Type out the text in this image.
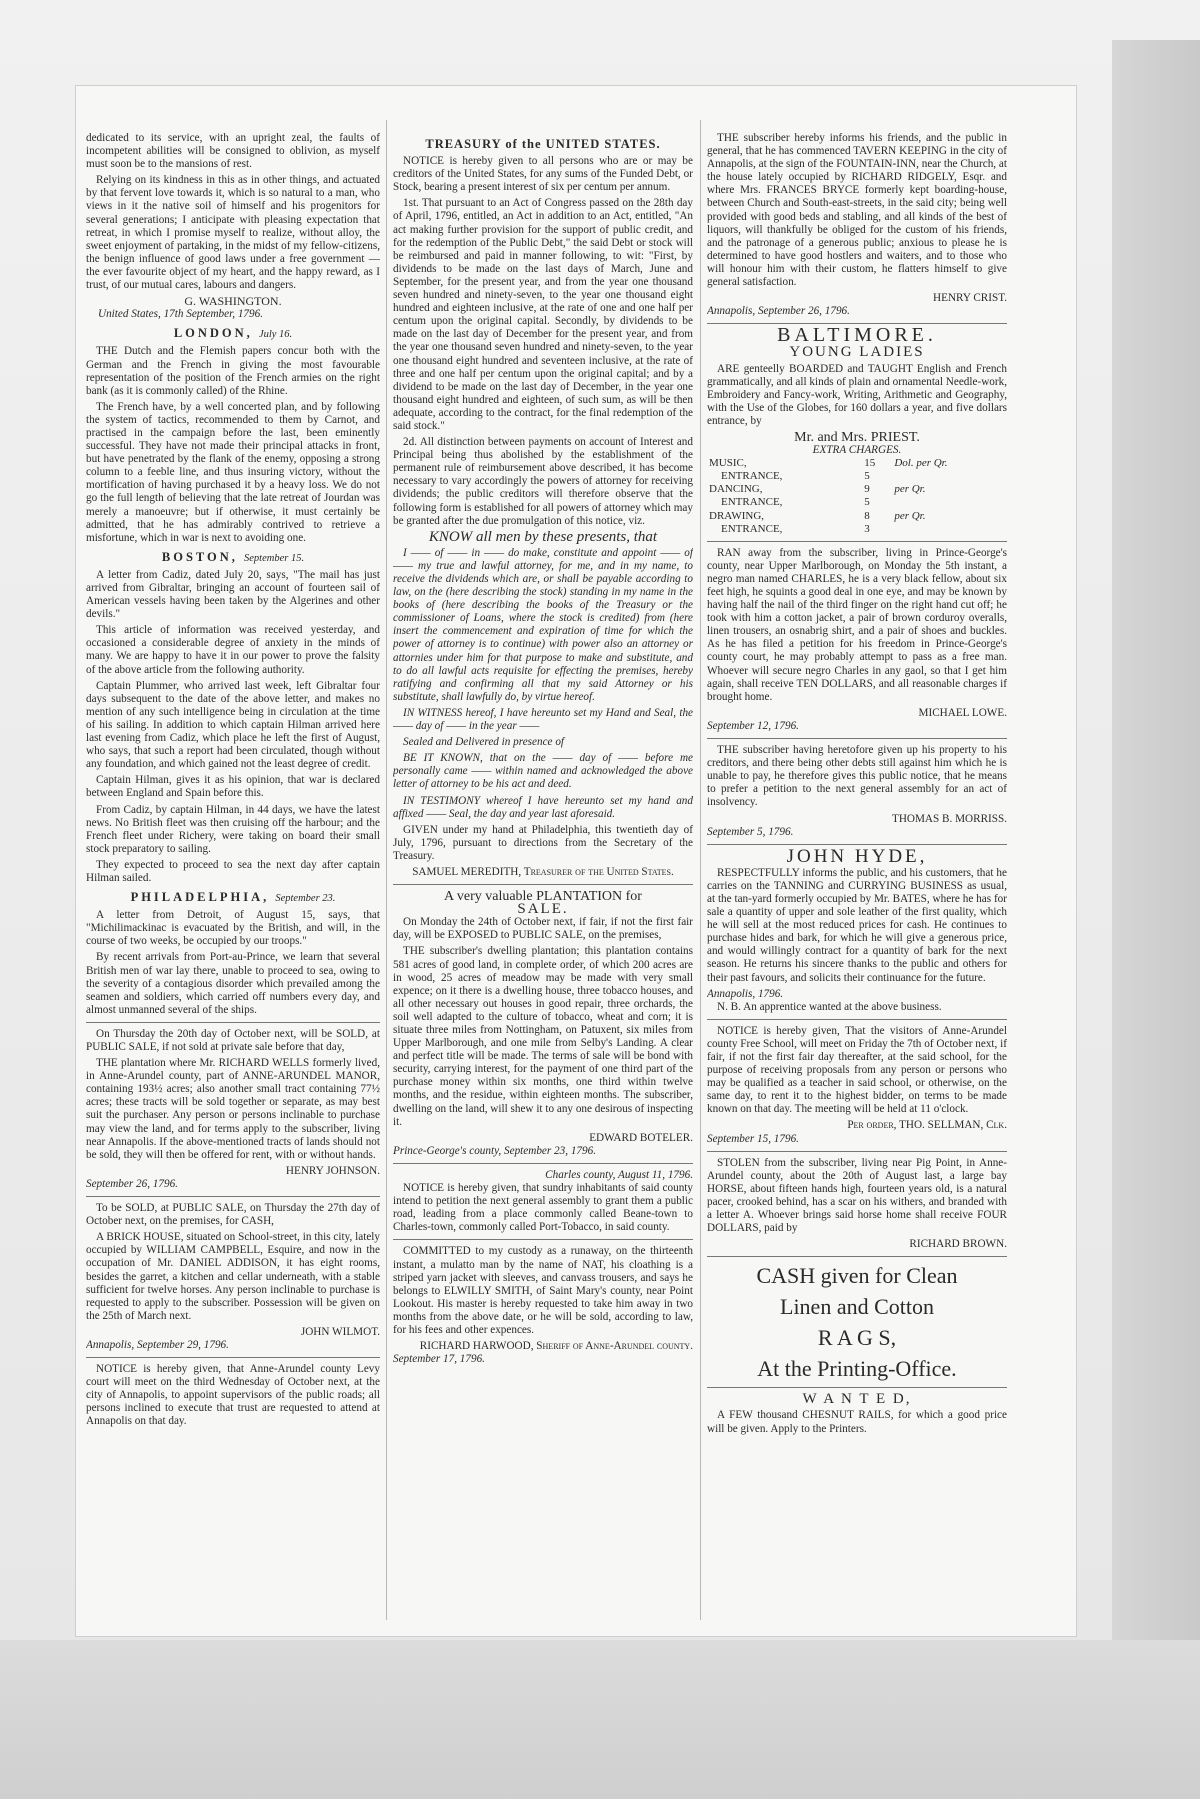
dedicated to its service, with an upright zeal, the faults of incompetent abilities will be consigned to oblivion, as myself must soon be to the mansions of rest.

Relying on its kindness in this as in other things, and actuated by that fervent love towards it, which is so natural to a man, who views in it the native soil of himself and his progenitors for several generations; I anticipate with pleasing expectation that retreat, in which I promise myself to realize, without alloy, the sweet enjoyment of partaking, in the midst of my fellow-citizens, the benign influence of good laws under a free government — the ever favourite object of my heart, and the happy reward, as I trust, of our mutual cares, labours and dangers.

G. WASHINGTON.
United States, 17th September, 1796.
LONDON, July 16.

THE Dutch and the Flemish papers concur both with the German and the French in giving the most favourable representation of the position of the French armies on the right bank (as it is commonly called) of the Rhine.

The French have, by a well concerted plan, and by following the system of tactics, recommended to them by Carnot, and practised in the campaign before the last, been eminently successful. They have not made their principal attacks in front, but have penetrated by the flank of the enemy, opposing a strong column to a feeble line, and thus insuring victory, without the mortification of having purchased it by a heavy loss. We do not go the full length of believing that the late retreat of Jourdan was merely a manoeuvre; but if otherwise, it must certainly be admitted, that he has admirably contrived to retrieve a misfortune, which in war is next to avoiding one.

BOSTON, September 15.

A letter from Cadiz, dated July 20, says, "The mail has just arrived from Gibraltar, bringing an account of fourteen sail of American vessels having been taken by the Algerines and other devils."

This article of information was received yesterday, and occasioned a considerable degree of anxiety in the minds of many. We are happy to have it in our power to prove the falsity of the above article from the following authority.

Captain Plummer, who arrived last week, left Gibraltar four days subsequent to the date of the above letter, and makes no mention of any such intelligence being in circulation at the time of his sailing. In addition to which captain Hilman arrived here last evening from Cadiz, which place he left the first of August, who says, that such a report had been circulated, though without any foundation, and which gained not the least degree of credit.

Captain Hilman, gives it as his opinion, that war is declared between England and Spain before this.

From Cadiz, by captain Hilman, in 44 days, we have the latest news. No British fleet was then cruising off the harbour; and the French fleet under Richery, were taking on board their small stock preparatory to sailing.

They expected to proceed to sea the next day after captain Hilman sailed.

PHILADELPHIA, September 23.

A letter from Detroit, of August 15, says, that "Michilimackinac is evacuated by the British, and will, in the course of two weeks, be occupied by our troops."

By recent arrivals from Port-au-Prince, we learn that several British men of war lay there, unable to proceed to sea, owing to the severity of a contagious disorder which prevailed among the seamen and soldiers, which carried off numbers every day, and almost unmanned several of the ships.

On Thursday the 20th day of October next, will be SOLD, at PUBLIC SALE, if not sold at private sale before that day,

THE plantation where Mr. RICHARD WELLS formerly lived, in Anne-Arundel county, part of ANNE-ARUNDEL MANOR, containing 193½ acres; also another small tract containing 77½ acres; these tracts will be sold together or separate, as may best suit the purchaser. Any person or persons inclinable to purchase may view the land, and for terms apply to the subscriber, living near Annapolis. If the above-mentioned tracts of lands should not be sold, they will then be offered for rent, with or without hands.

HENRY JOHNSON.
September 26, 1796.

To be SOLD, at PUBLIC SALE, on Thursday the 27th day of October next, on the premises, for CASH,

A BRICK HOUSE, situated on School-street, in this city, lately occupied by WILLIAM CAMPBELL, Esquire, and now in the occupation of Mr. DANIEL ADDISON, it has eight rooms, besides the garret, a kitchen and cellar underneath, with a stable sufficient for twelve horses. Any person inclinable to purchase is requested to apply to the subscriber. Possession will be given on the 25th of March next.

JOHN WILMOT.
Annapolis, September 29, 1796.

NOTICE is hereby given, that Anne-Arundel county Levy court will meet on the third Wednesday of October next, at the city of Annapolis, to appoint supervisors of the public roads; all persons inclined to execute that trust are requested to attend at Annapolis on that day.

TREASURY of the UNITED STATES.

NOTICE is hereby given to all persons who are or may be creditors of the United States, for any sums of the Funded Debt, or Stock, bearing a present interest of six per centum per annum.

1st. That pursuant to an Act of Congress passed on the 28th day of April, 1796, entitled, an Act in addition to an Act, entitled, "An act making further provision for the support of public credit, and for the redemption of the Public Debt," the said Debt or stock will be reimbursed and paid in manner following, to wit: "First, by dividends to be made on the last days of March, June and September, for the present year, and from the year one thousand seven hundred and ninety-seven, to the year one thousand eight hundred and eighteen inclusive, at the rate of one and one half per centum upon the original capital. Secondly, by dividends to be made on the last day of December for the present year, and from the year one thousand seven hundred and ninety-seven, to the year one thousand eight hundred and seventeen inclusive, at the rate of three and one half per centum upon the original capital; and by a dividend to be made on the last day of December, in the year one thousand eight hundred and eighteen, of such sum, as will be then adequate, according to the contract, for the final redemption of the said stock."

2d. All distinction between payments on account of Interest and Principal being thus abolished by the establishment of the permanent rule of reimbursement above described, it has become necessary to vary accordingly the powers of attorney for receiving dividends; the public creditors will therefore observe that the following form is established for all powers of attorney which may be granted after the due promulgation of this notice, viz.

KNOW all men by these presents, that

I —— of —— in —— do make, constitute and appoint —— of —— my true and lawful attorney, for me, and in my name, to receive the dividends which are, or shall be payable according to law, on the (here describing the stock) standing in my name in the books of (here describing the books of the Treasury or the commissioner of Loans, where the stock is credited) from (here insert the commencement and expiration of time for which the power of attorney is to continue) with power also an attorney or attornies under him for that purpose to make and substitute, and to do all lawful acts requisite for effecting the premises, hereby ratifying and confirming all that my said Attorney or his substitute, shall lawfully do, by virtue hereof.

IN WITNESS hereof, I have hereunto set my Hand and Seal, the —— day of —— in the year ——

Sealed and Delivered in presence of

BE IT KNOWN, that on the —— day of —— before me personally came —— within named and acknowledged the above letter of attorney to be his act and deed.

IN TESTIMONY whereof I have hereunto set my hand and affixed —— Seal, the day and year last aforesaid.

GIVEN under my hand at Philadelphia, this twentieth day of July, 1796, pursuant to directions from the Secretary of the Treasury.

SAMUEL MEREDITH, Treasurer of the United States.
A very valuable PLANTATION for
SALE.

On Monday the 24th of October next, if fair, if not the first fair day, will be EXPOSED to PUBLIC SALE, on the premises,

THE subscriber's dwelling plantation; this plantation contains 581 acres of good land, in complete order, of which 200 acres are in wood, 25 acres of meadow may be made with very small expence; on it there is a dwelling house, three tobacco houses, and all other necessary out houses in good repair, three orchards, the soil well adapted to the culture of tobacco, wheat and corn; it is situate three miles from Nottingham, on Patuxent, six miles from Upper Marlborough, and one mile from Selby's Landing. A clear and perfect title will be made. The terms of sale will be bond with security, carrying interest, for the payment of one third part of the purchase money within six months, one third within twelve months, and the residue, within eighteen months. The subscriber, dwelling on the land, will shew it to any one desirous of inspecting it.

EDWARD BOTELER.
Prince-George's county, September 23, 1796.
Charles county, August 11, 1796.

NOTICE is hereby given, that sundry inhabitants of said county intend to petition the next general assembly to grant them a public road, leading from a place commonly called Beane-town to Charles-town, commonly called Port-Tobacco, in said county.

COMMITTED to my custody as a runaway, on the thirteenth instant, a mulatto man by the name of NAT, his cloathing is a striped yarn jacket with sleeves, and canvass trousers, and says he belongs to ELWILLY SMITH, of Saint Mary's county, near Point Lookout. His master is hereby requested to take him away in two months from the above date, or he will be sold, according to law, for his fees and other expences.

RICHARD HARWOOD, Sheriff of Anne-Arundel county.
September 17, 1796.

THE subscriber hereby informs his friends, and the public in general, that he has commenced TAVERN KEEPING in the city of Annapolis, at the sign of the FOUNTAIN-INN, near the Church, at the house lately occupied by RICHARD RIDGELY, Esqr. and where Mrs. FRANCES BRYCE formerly kept boarding-house, between Church and South-east-streets, in the said city; being well provided with good beds and stabling, and all kinds of the best of liquors, will thankfully be obliged for the custom of his friends, and the patronage of a generous public; anxious to please he is determined to have good hostlers and waiters, and to those who will honour him with their custom, he flatters himself to give general satisfaction.

HENRY CRIST.
Annapolis, September 26, 1796.
BALTIMORE.
YOUNG LADIES

ARE genteelly BOARDED and TAUGHT English and French grammatically, and all kinds of plain and ornamental Needle-work, Embroidery and Fancy-work, Writing, Arithmetic and Geography, with the Use of the Globes, for 160 dollars a year, and five dollars entrance, by

Mr. and Mrs. PRIEST.
EXTRA CHARGES.
MUSIC,	15	Dol. per Qr.
ENTRANCE,	5	
DANCING,	9	per Qr.
ENTRANCE,	5	
DRAWING,	8	per Qr.
ENTRANCE,	3	

RAN away from the subscriber, living in Prince-George's county, near Upper Marlborough, on Monday the 5th instant, a negro man named CHARLES, he is a very black fellow, about six feet high, he squints a good deal in one eye, and may be known by having half the nail of the third finger on the right hand cut off; he took with him a cotton jacket, a pair of brown corduroy overalls, linen trousers, an osnabrig shirt, and a pair of shoes and buckles. As he has filed a petition for his freedom in Prince-George's county court, he may probably attempt to pass as a free man. Whoever will secure negro Charles in any gaol, so that I get him again, shall receive TEN DOLLARS, and all reasonable charges if brought home.

MICHAEL LOWE.
September 12, 1796.

THE subscriber having heretofore given up his property to his creditors, and there being other debts still against him which he is unable to pay, he therefore gives this public notice, that he means to prefer a petition to the next general assembly for an act of insolvency.

THOMAS B. MORRISS.
September 5, 1796.
JOHN HYDE,

RESPECTFULLY informs the public, and his customers, that he carries on the TANNING and CURRYING BUSINESS as usual, at the tan-yard formerly occupied by Mr. BATES, where he has for sale a quantity of upper and sole leather of the first quality, which he will sell at the most reduced prices for cash. He continues to purchase hides and bark, for which he will give a generous price, and would willingly contract for a quantity of bark for the next season. He returns his sincere thanks to the public and others for their past favours, and solicits their continuance for the future.

Annapolis, 1796.

N. B. An apprentice wanted at the above business.

NOTICE is hereby given, That the visitors of Anne-Arundel county Free School, will meet on Friday the 7th of October next, if fair, if not the first fair day thereafter, at the said school, for the purpose of receiving proposals from any person or persons who may be qualified as a teacher in said school, or otherwise, on the same day, to rent it to the highest bidder, on terms to be made known on that day. The meeting will be held at 11 o'clock.

Per order, THO. SELLMAN, Clk.
September 15, 1796.

STOLEN from the subscriber, living near Pig Point, in Anne-Arundel county, about the 20th of August last, a large bay HORSE, about fifteen hands high, fourteen years old, is a natural pacer, crooked behind, has a scar on his withers, and branded with a letter A. Whoever brings said horse home shall receive FOUR DOLLARS, paid by

RICHARD BROWN.
CASH given for Clean
Linen and Cotton
R A G S,
At the Printing-Office.
W A N T E D,

A FEW thousand CHESNUT RAILS, for which a good price will be given. Apply to the Printers.
